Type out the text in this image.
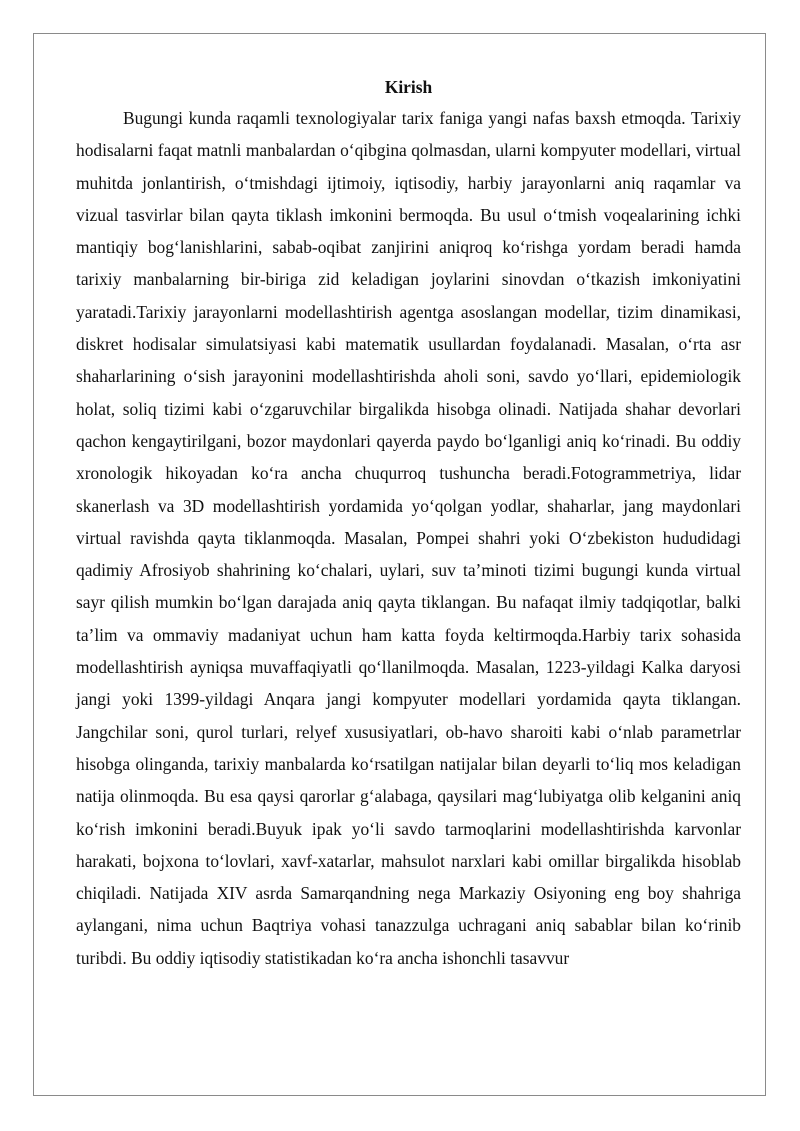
Kirish

Bugungi kunda raqamli texnologiyalar tarix faniga yangi nafas baxsh etmoqda. Tarixiy hodisalarni faqat matnli manbalardan o‘qibgina qolmasdan, ularni kompyuter modellari, virtual muhitda jonlantirish, o‘tmishdagi ijtimoiy, iqtisodiy, harbiy jarayonlarni aniq raqamlar va vizual tasvirlar bilan qayta tiklash imkonini bermoqda. Bu usul o‘tmish voqealarining ichki mantiqiy bog‘lanishlarini, sabab-oqibat zanjirini aniqroq ko‘rishga yordam beradi hamda tarixiy manbalarning bir-biriga zid keladigan joylarini sinovdan o‘tkazish imkoniyatini yaratadi.Tarixiy jarayonlarni modellashtirish agentga asoslangan modellar, tizim dinamikasi, diskret hodisalar simulatsiyasi kabi matematik usullardan foydalanadi. Masalan, o‘rta asr shaharlarining o‘sish jarayonini modellashtirishda aholi soni, savdo yo‘llari, epidemiologik holat, soliq tizimi kabi o‘zgaruvchilar birgalikda hisobga olinadi. Natijada shahar devorlari qachon kengaytirilgani, bozor maydonlari qayerda paydo bo‘lganligi aniq ko‘rinadi. Bu oddiy xronologik hikoyadan ko‘ra ancha chuqurroq tushuncha beradi.Fotogrammetriya, lidar skanerlash va 3D modellashtirish yordamida yo‘qolgan yodlar, shaharlar, jang maydonlari virtual ravishda qayta tiklanmoqda. Masalan, Pompei shahri yoki O‘zbekiston hududidagi qadimiy Afrosiyob shahrining ko‘chalari, uylari, suv ta’minoti tizimi bugungi kunda virtual sayr qilish mumkin bo‘lgan darajada aniq qayta tiklangan. Bu nafaqat ilmiy tadqiqotlar, balki ta’lim va ommaviy madaniyat uchun ham katta foyda keltirmoqda.Harbiy tarix sohasida modellashtirish ayniqsa muvaffaqiyatli qo‘llanilmoqda. Masalan, 1223-yildagi Kalka daryosi jangi yoki 1399-yildagi Anqara jangi kompyuter modellari yordamida qayta tiklangan. Jangchilar soni, qurol turlari, relyef xususiyatlari, ob-havo sharoiti kabi o‘nlab parametrlar hisobga olinganda, tarixiy manbalarda ko‘rsatilgan natijalar bilan deyarli to‘liq mos keladigan natija olinmoqda. Bu esa qaysi qarorlar g‘alabaga, qaysilari mag‘lubiyatga olib kelganini aniq ko‘rish imkonini beradi.Buyuk ipak yo‘li savdo tarmoqlarini modellashtirishda karvonlar harakati, bojxona to‘lovlari, xavf-xatarlar, mahsulot narxlari kabi omillar birgalikda hisoblab chiqiladi. Natijada XIV asrda Samarqandning nega Markaziy Osiyoning eng boy shahriga aylangani, nima uchun Baqtriya vohasi tanazzulga uchragani aniq sabablar bilan ko‘rinib turibdi. Bu oddiy iqtisodiy statistikadan ko‘ra ancha ishonchli tasavvur
